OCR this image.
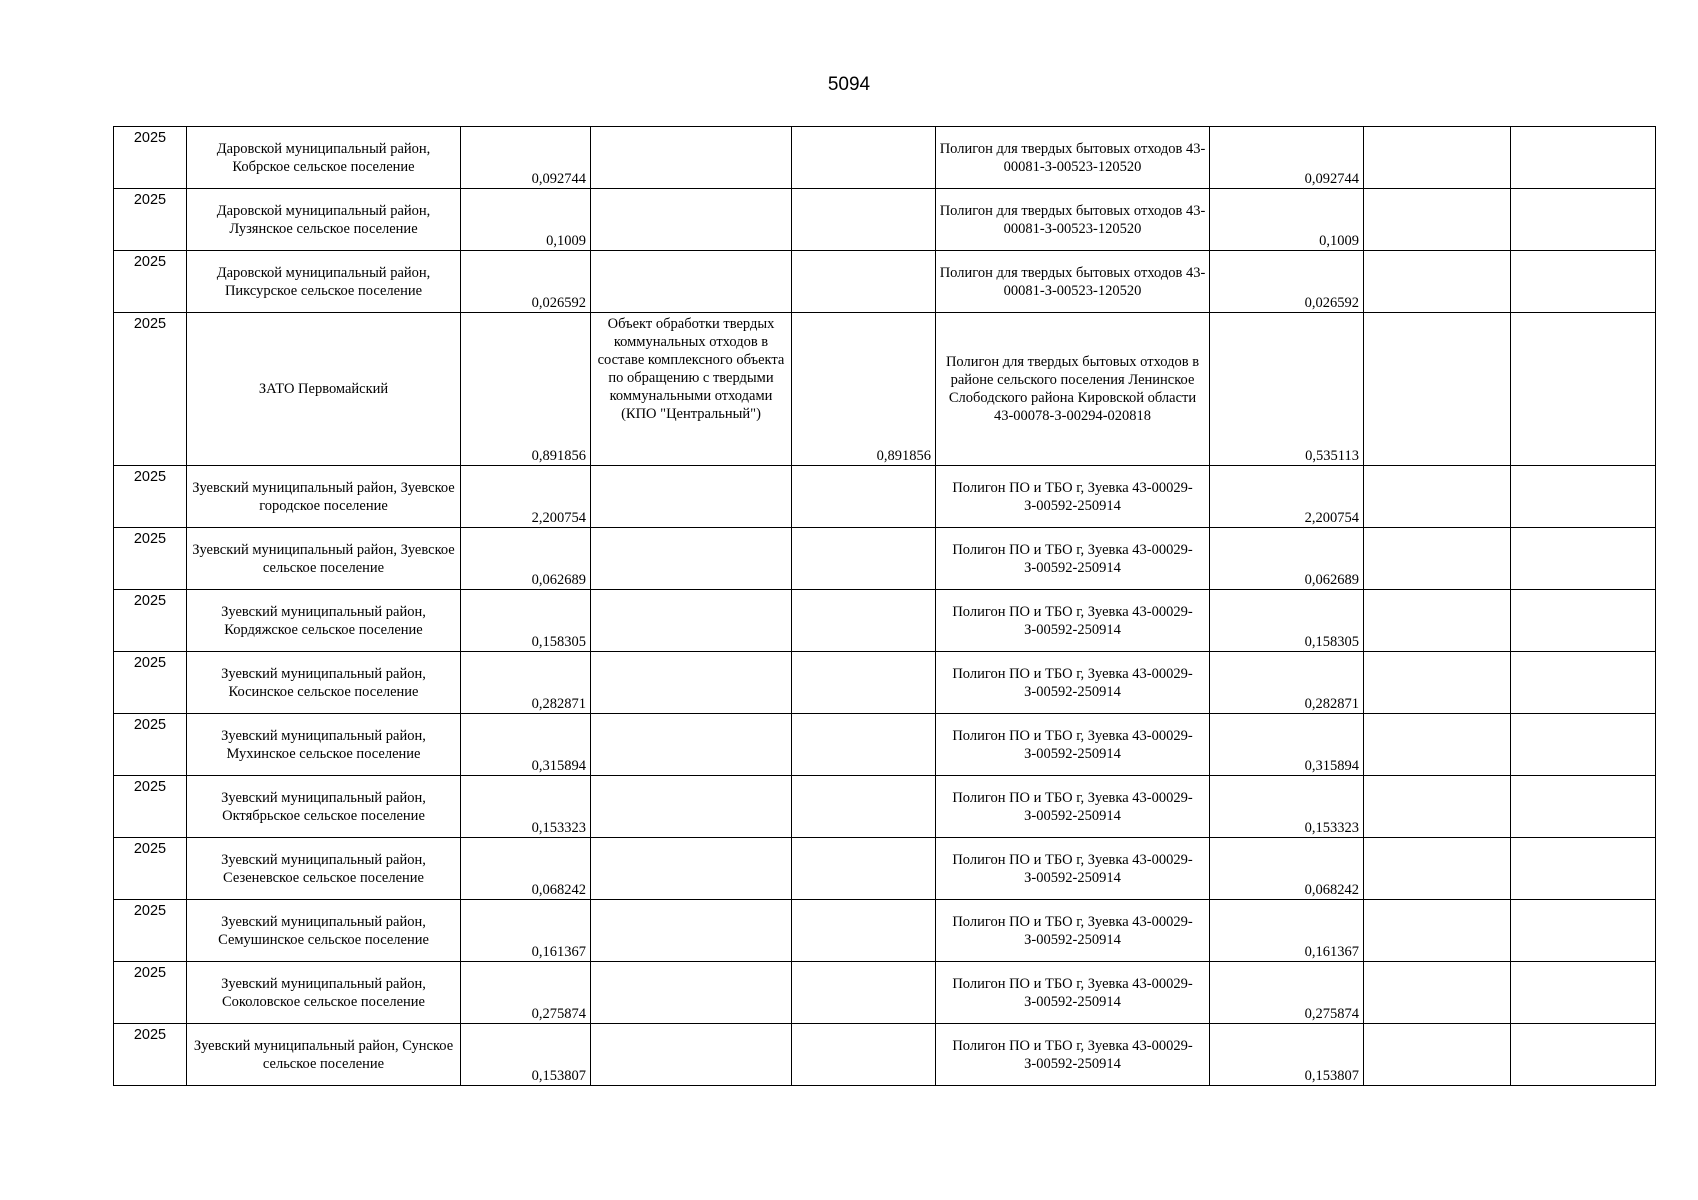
5094
2025	Даровской муниципальный район, Кобрское сельское поселение	0,092744			Полигон для твердых бытовых отходов 43-00081-З-00523-120520	0,092744		

2025	Даровской муниципальный район, Лузянское сельское поселение	0,1009			Полигон для твердых бытовых отходов 43-00081-З-00523-120520	0,1009		

2025	Даровской муниципальный район, Пиксурское сельское поселение	0,026592			Полигон для твердых бытовых отходов 43-00081-З-00523-120520	0,026592		

2025	ЗАТО Первомайский	0,891856	Объект обработки твердых коммунальных отходов в составе комплексного объекта по обращению с твердыми коммунальными отходами (КПО "Центральный")	0,891856	Полигон для твердых бытовых отходов в районе сельского поселения Ленинское Слободского района Кировской области 43-00078-З-00294-020818	0,535113		

2025	Зуевский муниципальный район, Зуевское городское поселение	2,200754			Полигон ПО и ТБО г, Зуевка 43-00029-З-00592-250914	2,200754		

2025	Зуевский муниципальный район, Зуевское сельское поселение	0,062689			Полигон ПО и ТБО г, Зуевка 43-00029-З-00592-250914	0,062689		

2025	Зуевский муниципальный район, Кордяжское сельское поселение	0,158305			Полигон ПО и ТБО г, Зуевка 43-00029-З-00592-250914	0,158305		

2025	Зуевский муниципальный район, Косинское сельское поселение	0,282871			Полигон ПО и ТБО г, Зуевка 43-00029-З-00592-250914	0,282871		

2025	Зуевский муниципальный район, Мухинское сельское поселение	0,315894			Полигон ПО и ТБО г, Зуевка 43-00029-З-00592-250914	0,315894		

2025	Зуевский муниципальный район, Октябрьское сельское поселение	0,153323			Полигон ПО и ТБО г, Зуевка 43-00029-З-00592-250914	0,153323		

2025	Зуевский муниципальный район, Сезеневское сельское поселение	0,068242			Полигон ПО и ТБО г, Зуевка 43-00029-З-00592-250914	0,068242		

2025	Зуевский муниципальный район, Семушинское сельское поселение	0,161367			Полигон ПО и ТБО г, Зуевка 43-00029-З-00592-250914	0,161367		

2025	Зуевский муниципальный район, Соколовское сельское поселение	0,275874			Полигон ПО и ТБО г, Зуевка 43-00029-З-00592-250914	0,275874		

2025	Зуевский муниципальный район, Сунское сельское поселение	0,153807			Полигон ПО и ТБО г, Зуевка 43-00029-З-00592-250914	0,153807		
